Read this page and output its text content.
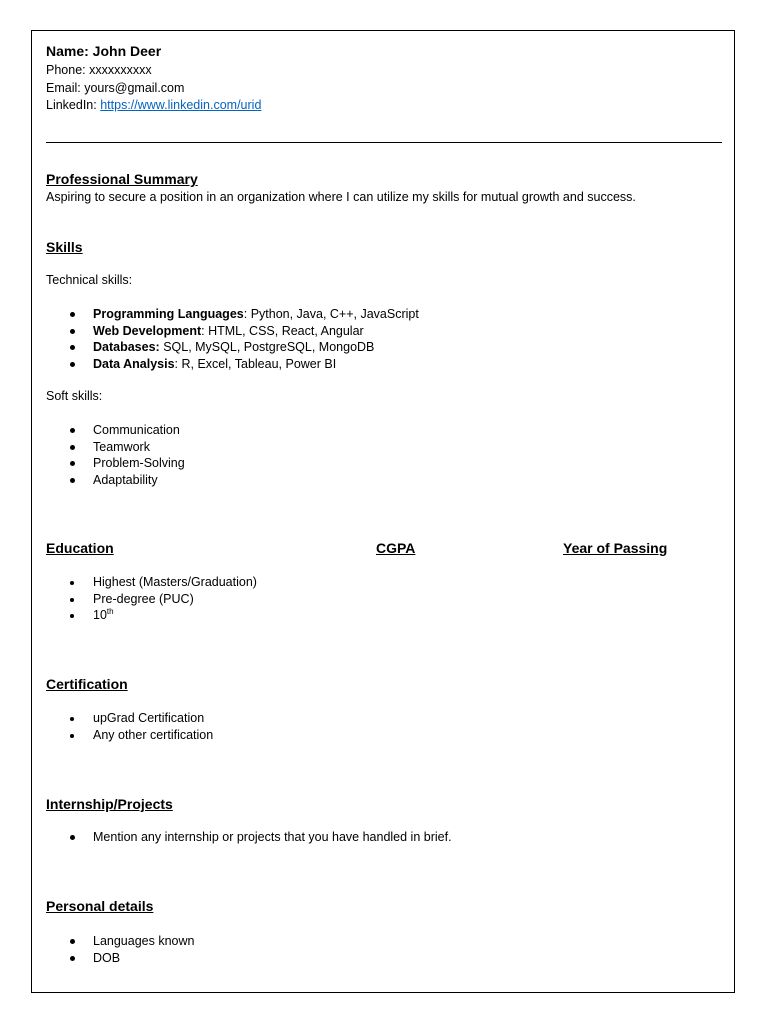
Name: John Deer
Phone: xxxxxxxxxx
Email: yours@gmail.com
LinkedIn: https://www.linkedin.com/urid
Professional Summary
Aspiring to secure a position in an organization where I can utilize my skills for mutual growth and success.
Skills
Technical skills:
Programming Languages: Python, Java, C++, JavaScript
Web Development: HTML, CSS, React, Angular
Databases: SQL, MySQL, PostgreSQL, MongoDB
Data Analysis: R, Excel, Tableau, Power BI
Soft skills:
Communication
Teamwork
Problem-Solving
Adaptability
Education	CGPA	Year of Passing
Highest (Masters/Graduation)
Pre-degree (PUC)
10th
Certification
upGrad Certification
Any other certification
Internship/Projects
Mention any internship or projects that you have handled in brief.
Personal details
Languages known
DOB
